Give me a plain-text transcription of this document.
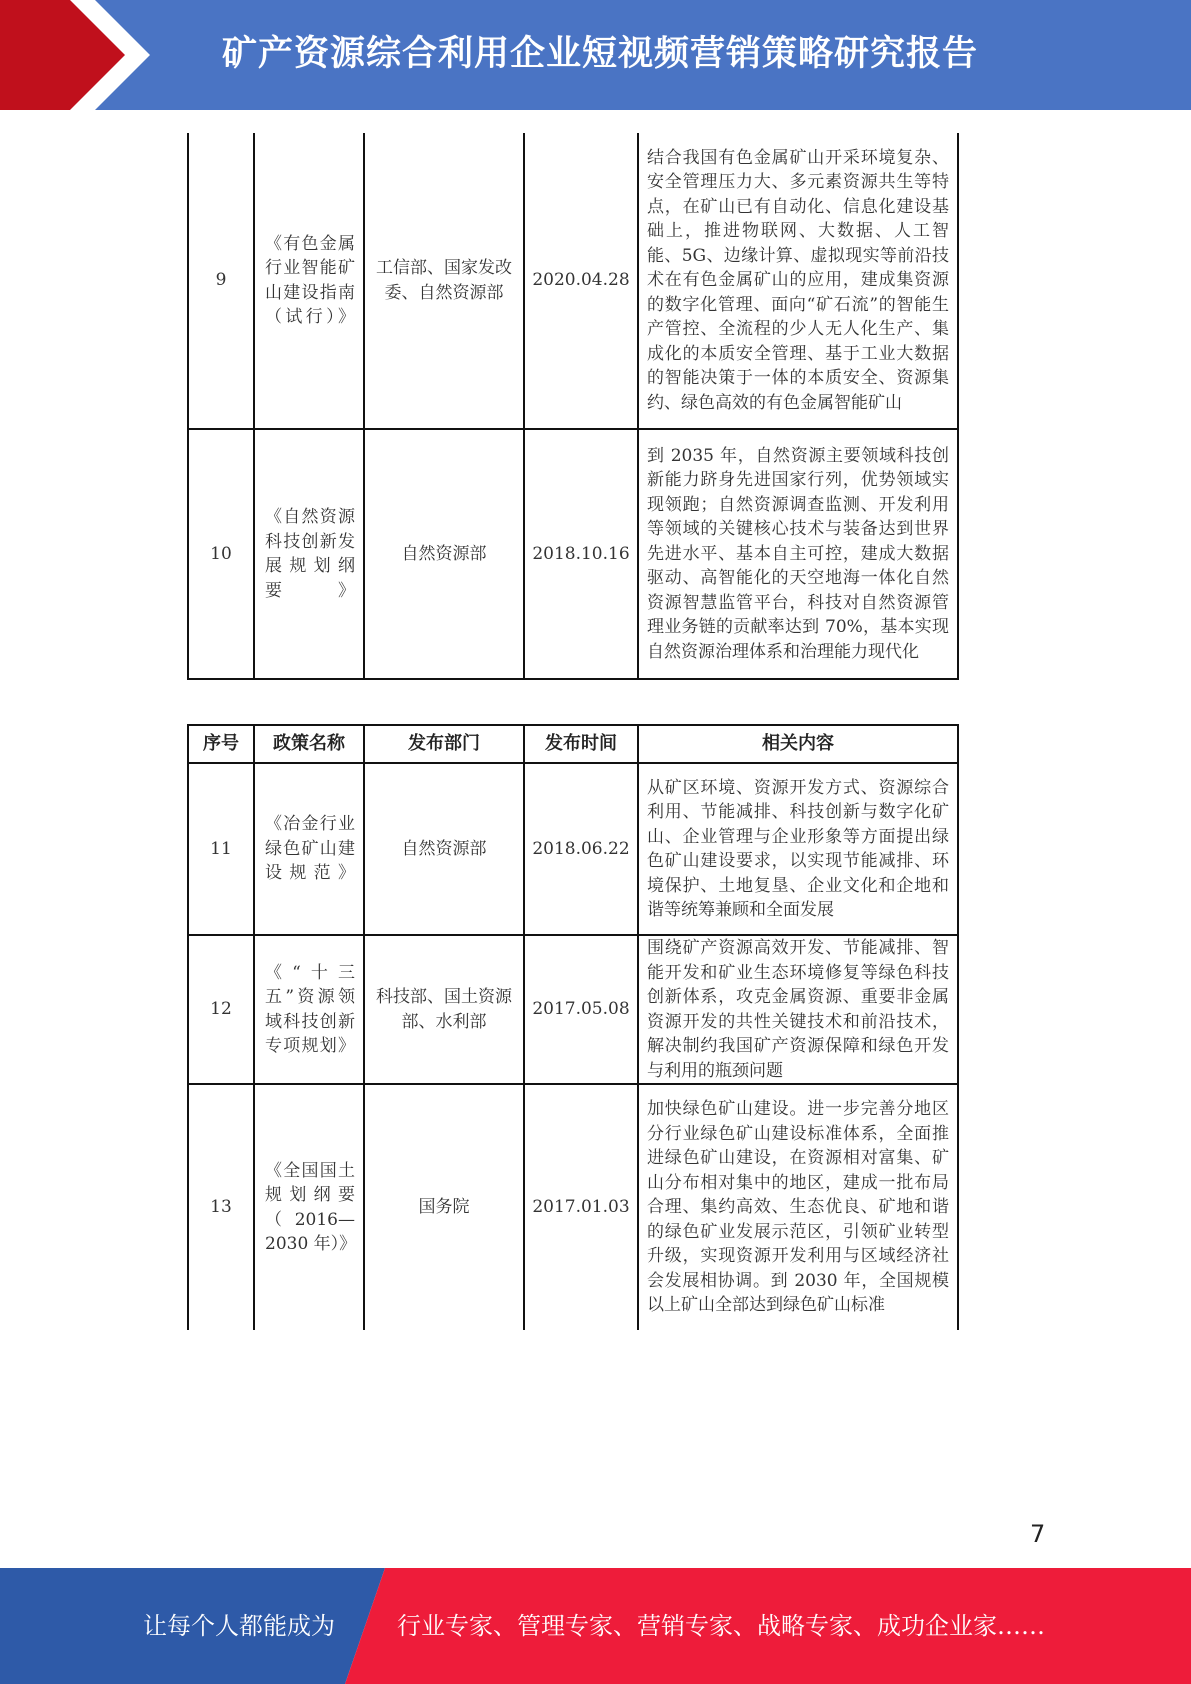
矿产资源综合利用企业短视频营销策略研究报告
9	《有色金属行业智能矿山建设指南（试行）》	工信部、国家发改委、自然资源部	2020.04.28	结合我国有色金属矿山开采环境复杂、安全管理压力大、多元素资源共生等特点，在矿山已有自动化、信息化建设基础上，推进物联网、大数据、人工智能、5G、边缘计算、虚拟现实等前沿技术在有色金属矿山的应用，建成集资源的数字化管理、面向“矿石流”的智能生产管控、全流程的少人无人化生产、集成化的本质安全管理、基于工业大数据的智能决策于一体的本质安全、资源集约、绿色高效的有色金属智能矿山
10	《自然资源科技创新发展规划纲要》	自然资源部	2018.10.16	到 2035 年，自然资源主要领域科技创新能力跻身先进国家行列，优势领域实现领跑；自然资源调查监测、开发利用等领域的关键核心技术与装备达到世界先进水平、基本自主可控，建成大数据驱动、高智能化的天空地海一体化自然资源智慧监管平台，科技对自然资源管理业务链的贡献率达到 70%，基本实现自然资源治理体系和治理能力现代化
序号	政策名称	发布部门	发布时间	相关内容
11	《冶金行业绿色矿山建设规范》	自然资源部	2018.06.22	从矿区环境、资源开发方式、资源综合利用、节能减排、科技创新与数字化矿山、企业管理与企业形象等方面提出绿色矿山建设要求，以实现节能减排、环境保护、土地复垦、企业文化和企地和谐等统筹兼顾和全面发展
12	《“十三五”资源领域科技创新专项规划》	科技部、国土资源部、水利部	2017.05.08	围绕矿产资源高效开发、节能减排、智能开发和矿业生态环境修复等绿色科技创新体系，攻克金属资源、重要非金属资源开发的共性关键技术和前沿技术，解决制约我国矿产资源保障和绿色开发与利用的瓶颈问题
13	《全国国土规划纲要（2016—2030 年）》	国务院	2017.01.03	加快绿色矿山建设。进一步完善分地区分行业绿色矿山建设标准体系，全面推进绿色矿山建设，在资源相对富集、矿山分布相对集中的地区，建成一批布局合理、集约高效、生态优良、矿地和谐的绿色矿业发展示范区，引领矿业转型升级，实现资源开发利用与区域经济社会发展相协调。到 2030 年，全国规模以上矿山全部达到绿色矿山标准
7
让每个人都能成为	行业专家、管理专家、营销专家、战略专家、成功企业家……
